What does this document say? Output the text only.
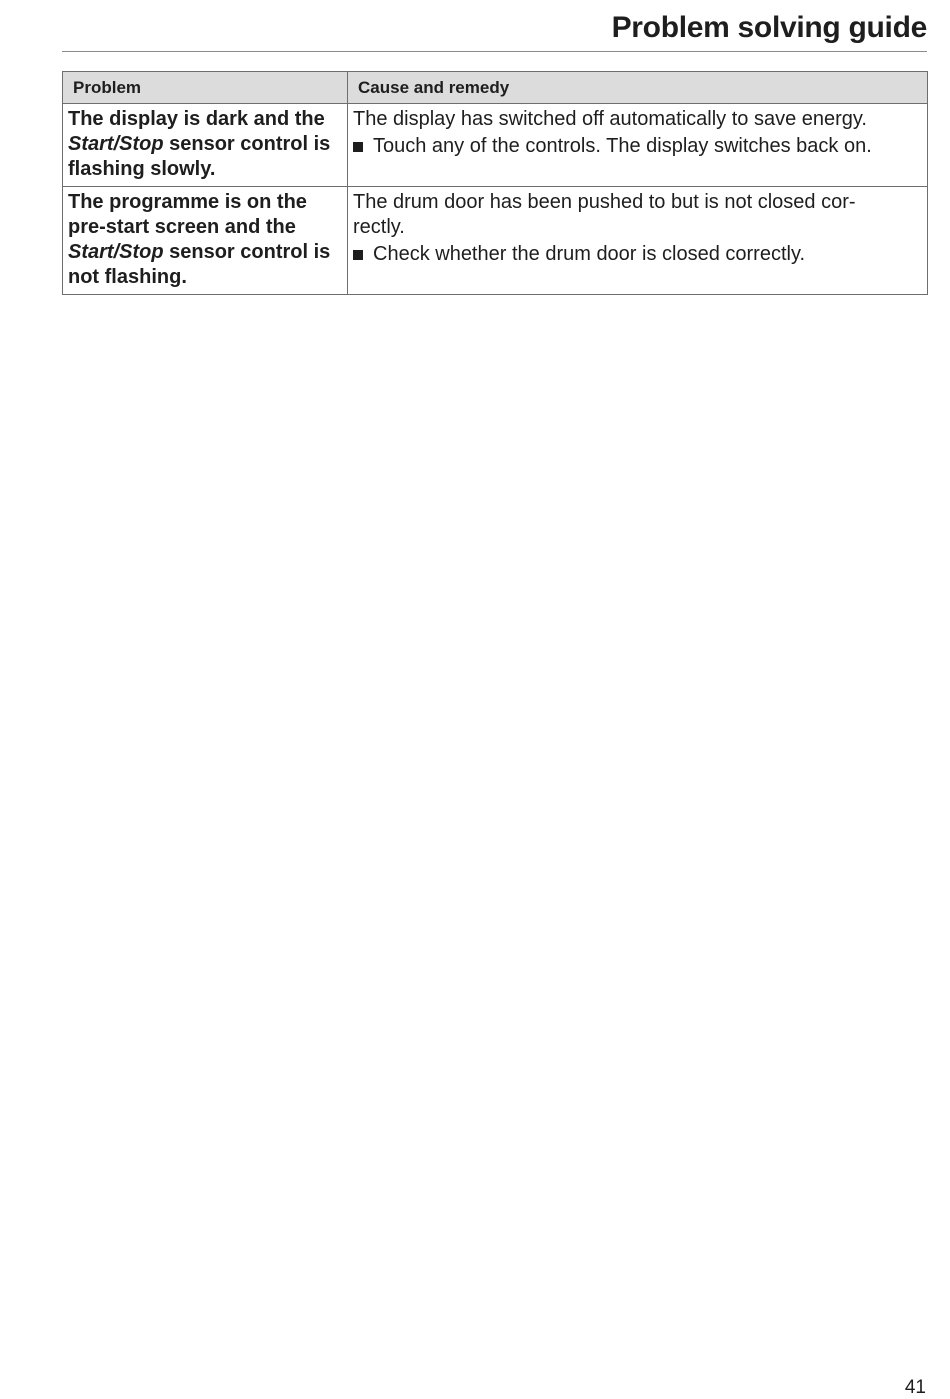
Problem solving guide
Problem	Cause and remedy
The display is dark and the
Start/Stop sensor control is flashing slowly.	The display has switched off automatically to save energy.
Touch any of the controls. The display switches back on.

The programme is on the pre-start screen and the
Start/Stop sensor control is not flashing.	The drum door has been pushed to but is not closed cor-
rectly.
Check whether the drum door is closed correctly.
41
